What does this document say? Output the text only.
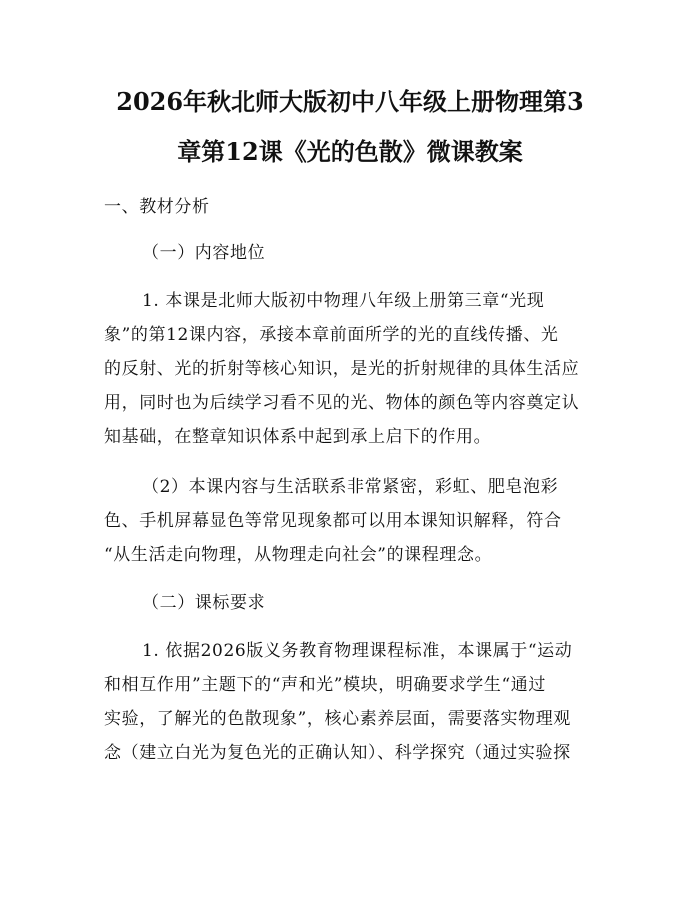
2026年秋北师大版初中八年级上册物理第3
章第12课《光的色散》微课教案
一、教材分析
（一）内容地位
1. 本课是北师大版初中物理八年级上册第三章“光现
象”的第12课内容，承接本章前面所学的光的直线传播、光
的反射、光的折射等核心知识，是光的折射规律的具体生活应
用，同时也为后续学习看不见的光、物体的颜色等内容奠定认
知基础，在整章知识体系中起到承上启下的作用。
（2）本课内容与生活联系非常紧密，彩虹、肥皂泡彩
色、手机屏幕显色等常见现象都可以用本课知识解释，符合
“从生活走向物理，从物理走向社会”的课程理念。
（二）课标要求
1. 依据2026版义务教育物理课程标准，本课属于“运动
和相互作用”主题下的“声和光”模块，明确要求学生“通过
实验，了解光的色散现象”，核心素养层面，需要落实物理观
念（建立白光为复色光的正确认知）、科学探究（通过实验探
